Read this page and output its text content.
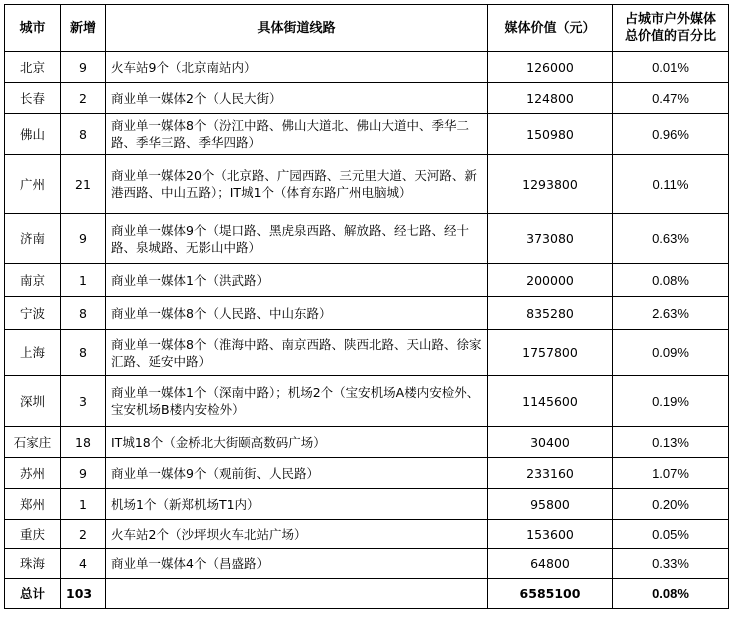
城市	新增	具体街道线路	媒体价值（元）	占城市户外媒体
总价值的百分比

北京	9	火车站9个（北京南站内）	126000	0.01%
长春	2	商业单一媒体2个（人民大街）	124800	0.47%
佛山	8	商业单一媒体8个（汾江中路、佛山大道北、佛山大道中、季华二路、季华三路、季华四路）	150980	0.96%
广州	21	商业单一媒体20个（北京路、广园西路、三元里大道、天河路、新港西路、中山五路）；IT城1个（体育东路广州电脑城）	1293800	0.11%
济南	9	商业单一媒体9个（堤口路、黑虎泉西路、解放路、经七路、经十路、泉城路、无影山中路）	373080	0.63%
南京	1	商业单一媒体1个（洪武路）	200000	0.08%
宁波	8	商业单一媒体8个（人民路、中山东路）	835280	2.63%
上海	8	商业单一媒体8个（淮海中路、南京西路、陕西北路、天山路、徐家汇路、延安中路）	1757800	0.09%
深圳	3	商业单一媒体1个（深南中路）；机场2个（宝安机场A楼内安检外、宝安机场B楼内安检外）	1145600	0.19%
石家庄	18	IT城18个（金桥北大街颐高数码广场）	30400	0.13%
苏州	9	商业单一媒体9个（观前街、人民路）	233160	1.07%
郑州	1	机场1个（新郑机场T1内）	95800	0.20%
重庆	2	火车站2个（沙坪坝火车北站广场）	153600	0.05%
珠海	4	商业单一媒体4个（昌盛路）	64800	0.33%
总计	103		6585100	0.08%
